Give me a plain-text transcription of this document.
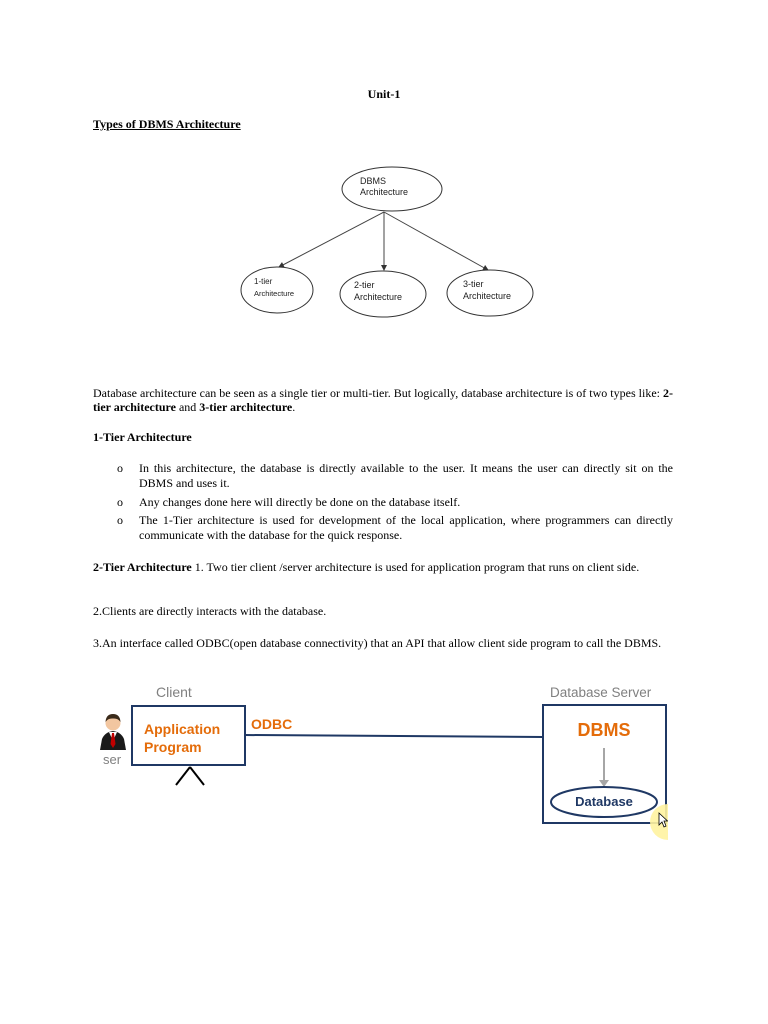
Unit-1
Types of DBMS Architecture
DBMS
Architecture
1-tier
Architecture
2-tier
Architecture
3-tier
Architecture

Database architecture can be seen as a single tier or multi-tier. But logically, database architecture is of two types like: 2-tier architecture and 3-tier architecture.

1-Tier Architecture
o In this architecture, the database is directly available to the user. It means the user can directly sit on the DBMS and uses it.
o Any changes done here will directly be done on the database itself.
o The 1-Tier architecture is used for development of the local application, where programmers can directly communicate with the database for the quick response.

2-Tier Architecture 1. Two tier client /server architecture is used for application program that runs on client side.

2.Clients are directly interacts with the database.

3.An interface called ODBC(open database connectivity) that an API that allow client side program to call the DBMS.

Client	Database Server
ser
Application
Program
ODBC	DBMS
Database
